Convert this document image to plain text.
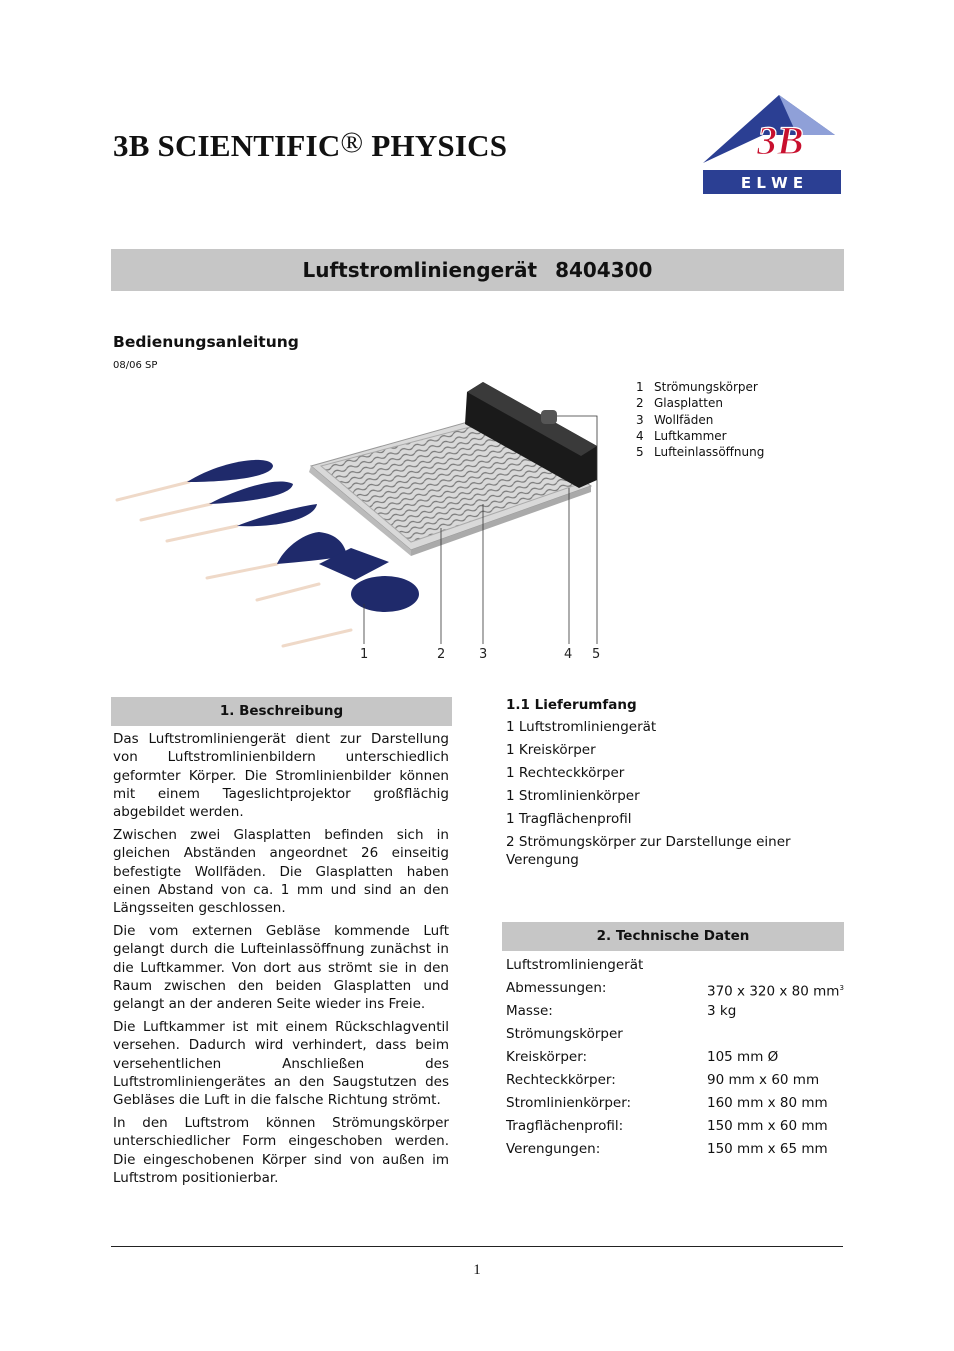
3B SCIENTIFIC® PHYSICS	3B
E L W E
Luftstromliniengerät 8404300
Bedienungsanleitung
08/06 SP
1	2	3	4 5
1 Strömungskörper
2 Glasplatten
3 Wollfäden
4 Luftkammer
5 Lufteinlassöffnung
1. Beschreibung

Das Luftstromliniengerät dient zur Darstellung von Luftstromlinienbildern unterschiedlich geformter Körper. Die Stromlinienbilder können mit einem Tageslichtprojektor großflächig abgebildet werden.

Zwischen zwei Glasplatten befinden sich in gleichen Abständen angeordnet 26 einseitig befestigte Wollfäden. Die Glasplatten haben einen Abstand von ca. 1 mm und sind an den Längsseiten geschlossen.

Die vom externen Gebläse kommende Luft gelangt durch die Lufteinlassöffnung zunächst in die Luftkammer. Von dort aus strömt sie in den Raum zwischen den beiden Glasplatten und gelangt an der anderen Seite wieder ins Freie.

Die Luftkammer ist mit einem Rückschlagventil versehen. Dadurch wird verhindert, dass beim versehentlichen Anschließen des Luftstromliniengerätes an den Saugstutzen des Gebläses die Luft in die falsche Richtung strömt.

In den Luftstrom können Strömungskörper unterschiedlicher Form eingeschoben werden. Die eingeschobenen Körper sind von außen im Luftstrom positionierbar.

1.1 Lieferumfang
1 Luftstromliniengerät
1 Kreiskörper
1 Rechteckkörper
1 Stromlinienkörper
1 Tragflächenprofil
2 Strömungskörper zur Darstellunge einer Verengung
2. Technische Daten
Luftstromliniengerät
Abmessungen:	370 x 320 x 80 $mm^3$
Masse:	3 kg
Strömungskörper
Kreiskörper:	105 mm Ø
Rechteckkörper:	90 mm x 60 mm
Stromlinienkörper:	160 mm x 80 mm
Tragflächenprofil:	150 mm x 60 mm
Verengungen:	150 mm x 65 mm
1
